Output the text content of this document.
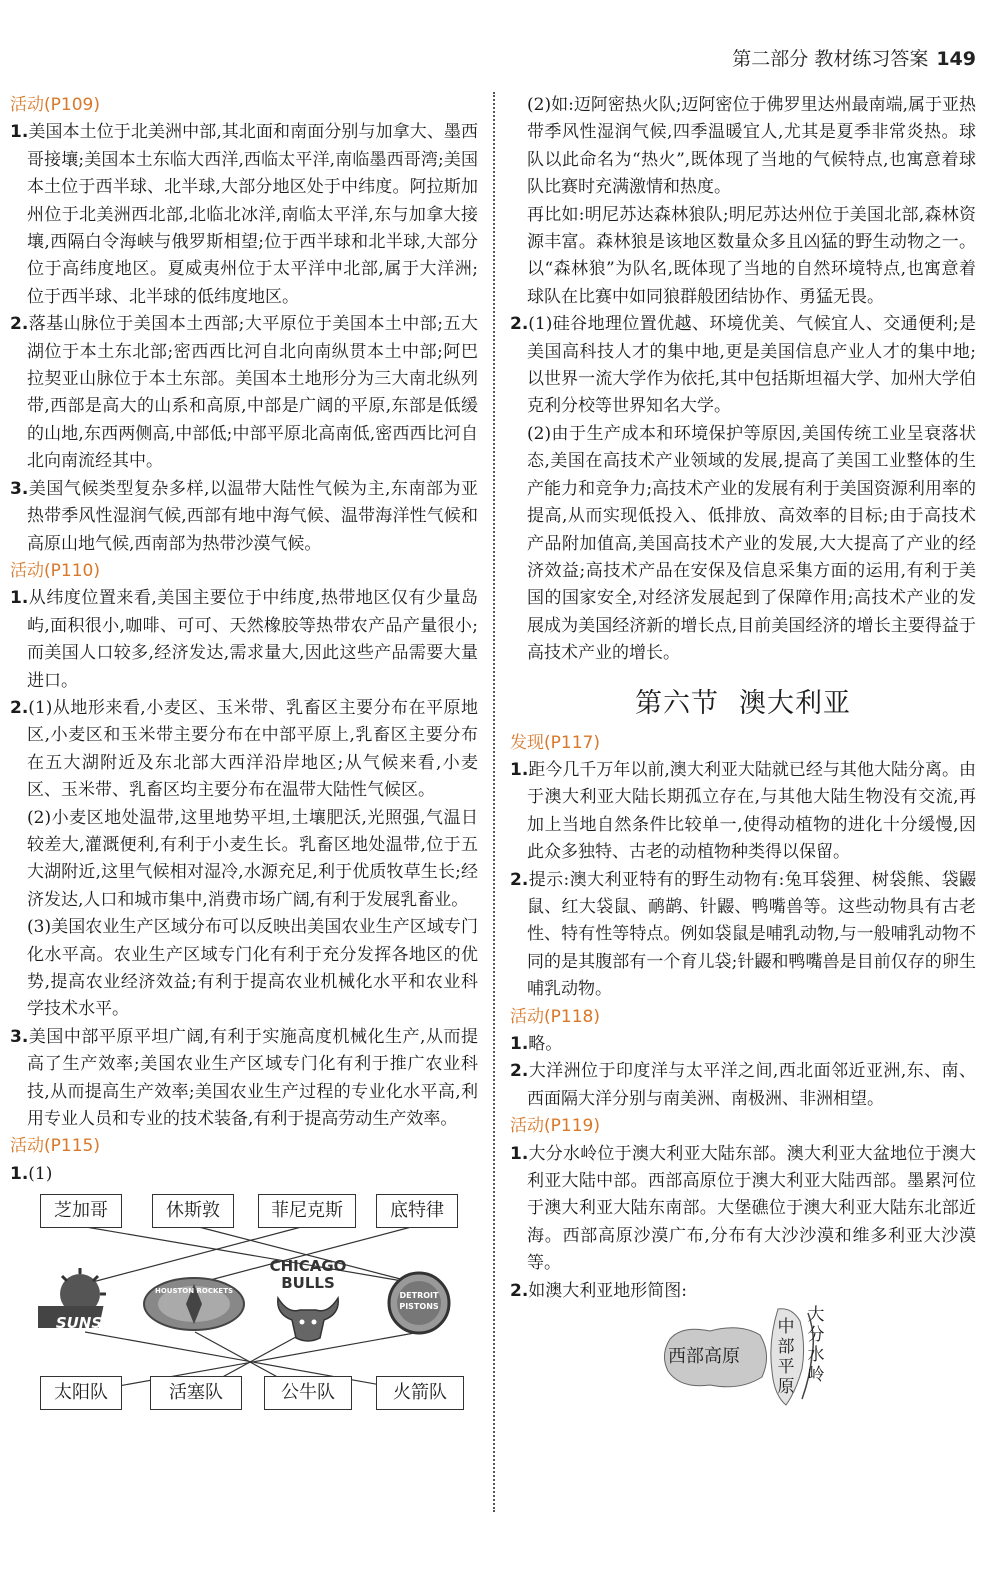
第二部分 教材练习答案 149
活动(P109)
1.美国本土位于北美洲中部,其北面和南面分别与加拿大、墨西哥接壤;美国本土东临大西洋,西临太平洋,南临墨西哥湾;美国本土位于西半球、北半球,大部分地区处于中纬度。阿拉斯加州位于北美洲西北部,北临北冰洋,南临太平洋,东与加拿大接壤,西隔白令海峡与俄罗斯相望;位于西半球和北半球,大部分位于高纬度地区。夏威夷州位于太平洋中北部,属于大洋洲;位于西半球、北半球的低纬度地区。
2.落基山脉位于美国本土西部;大平原位于美国本土中部;五大湖位于本土东北部;密西西比河自北向南纵贯本土中部;阿巴拉契亚山脉位于本土东部。美国本土地形分为三大南北纵列带,西部是高大的山系和高原,中部是广阔的平原,东部是低缓的山地,东西两侧高,中部低;中部平原北高南低,密西西比河自北向南流经其中。
3.美国气候类型复杂多样,以温带大陆性气候为主,东南部为亚热带季风性湿润气候,西部有地中海气候、温带海洋性气候和高原山地气候,西南部为热带沙漠气候。
活动(P110)
1.从纬度位置来看,美国主要位于中纬度,热带地区仅有少量岛屿,面积很小,咖啡、可可、天然橡胶等热带农产品产量很小;而美国人口较多,经济发达,需求量大,因此这些产品需要大量进口。
2.(1)从地形来看,小麦区、玉米带、乳畜区主要分布在平原地区,小麦区和玉米带主要分布在中部平原上,乳畜区主要分布在五大湖附近及东北部大西洋沿岸地区;从气候来看,小麦区、玉米带、乳畜区均主要分布在温带大陆性气候区。
(2)小麦区地处温带,这里地势平坦,土壤肥沃,光照强,气温日较差大,灌溉便利,有利于小麦生长。乳畜区地处温带,位于五大湖附近,这里气候相对湿冷,水源充足,利于优质牧草生长;经济发达,人口和城市集中,消费市场广阔,有利于发展乳畜业。
(3)美国农业生产区域分布可以反映出美国农业生产区域专门化水平高。农业生产区域专门化有利于充分发挥各地区的优势,提高农业经济效益;有利于提高农业机械化水平和农业科学技术水平。
3.美国中部平原平坦广阔,有利于实施高度机械化生产,从而提高了生产效率;美国农业生产区域专门化有利于推广农业科技,从而提高生产效率;美国农业生产过程的专业化水平高,利用专业人员和专业的技术装备,有利于提高劳动生产效率。
活动(P115)
1.(1)
芝加哥	休斯敦	菲尼克斯	底特律
SUNS
HOUSTON ROCKETS
CHICAGO BULLS
DETROIT PISTONS
太阳队	活塞队	公牛队	火箭队
(2)如:迈阿密热火队;迈阿密位于佛罗里达州最南端,属于亚热带季风性湿润气候,四季温暖宜人,尤其是夏季非常炎热。球队以此命名为“热火”,既体现了当地的气候特点,也寓意着球队比赛时充满激情和热度。
再比如:明尼苏达森林狼队;明尼苏达州位于美国北部,森林资源丰富。森林狼是该地区数量众多且凶猛的野生动物之一。以“森林狼”为队名,既体现了当地的自然环境特点,也寓意着球队在比赛中如同狼群般团结协作、勇猛无畏。
2.(1)硅谷地理位置优越、环境优美、气候宜人、交通便利;是美国高科技人才的集中地,更是美国信息产业人才的集中地;以世界一流大学作为依托,其中包括斯坦福大学、加州大学伯克利分校等世界知名大学。
(2)由于生产成本和环境保护等原因,美国传统工业呈衰落状态,美国在高技术产业领域的发展,提高了美国工业整体的生产能力和竞争力;高技术产业的发展有利于美国资源利用率的提高,从而实现低投入、低排放、高效率的目标;由于高技术产品附加值高,美国高技术产业的发展,大大提高了产业的经济效益;高技术产品在安保及信息采集方面的运用,有利于美国的国家安全,对经济发展起到了保障作用;高技术产业的发展成为美国经济新的增长点,目前美国经济的增长主要得益于高技术产业的增长。
第六节 澳大利亚
发现(P117)
1.距今几千万年以前,澳大利亚大陆就已经与其他大陆分离。由于澳大利亚大陆长期孤立存在,与其他大陆生物没有交流,再加上当地自然条件比较单一,使得动植物的进化十分缓慢,因此众多独特、古老的动植物种类得以保留。
2.提示:澳大利亚特有的野生动物有:兔耳袋狸、树袋熊、袋鼹鼠、红大袋鼠、鸸鹋、针鼹、鸭嘴兽等。这些动物具有古老性、特有性等特点。例如袋鼠是哺乳动物,与一般哺乳动物不同的是其腹部有一个育儿袋;针鼹和鸭嘴兽是目前仅存的卵生哺乳动物。
活动(P118)
1.略。
2.大洋洲位于印度洋与太平洋之间,西北面邻近亚洲,东、南、西面隔大洋分别与南美洲、南极洲、非洲相望。
活动(P119)
1.大分水岭位于澳大利亚大陆东部。澳大利亚大盆地位于澳大利亚大陆中部。西部高原位于澳大利亚大陆西部。墨累河位于澳大利亚大陆东南部。大堡礁位于澳大利亚大陆东北部近海。西部高原沙漠广布,分布有大沙沙漠和维多利亚大沙漠等。
2.如澳大利亚地形简图:
西部高原
中部平原
大分水岭
